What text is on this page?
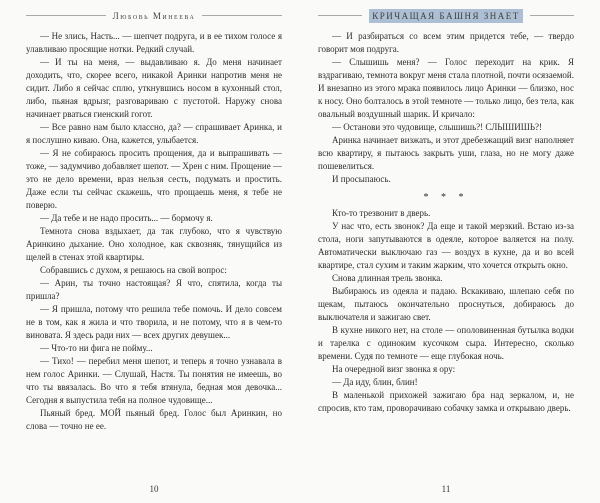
Любовь Минеева

— Не злись, Насть... — шепчет подруга, и в ее тихом голосе я улавливаю просящие нотки. Редкий случай.

— И ты на меня, — выдавливаю я. До меня начинает доходить, что, скорее всего, никакой Аринки напротив меня не сидит. Либо я сейчас сплю, уткнувшись носом в кухонный стол, либо, пьяная вдрызг, разговариваю с пустотой. Наружу снова начинает рваться гиенский гогот.

— Все равно нам было классно, да? — спрашивает Аринка, и я послушно киваю. Она, кажется, улыбается.

— Я не собираюсь просить прощения, да и выпрашивать — тоже, — задумчиво добавляет шепот. — Хрен с ним. Прощение — это не дело времени, враз нельзя сесть, подумать и простить. Даже если ты сейчас скажешь, что прощаешь меня, я тебе не поверю.

— Да тебе и не надо просить... — бормочу я.

Темнота снова вздыхает, да так глубоко, что я чувствую Аринкино дыхание. Оно холодное, как сквозняк, тянущийся из щелей в стенах этой квартиры.

Собравшись с духом, я решаюсь на свой вопрос:

— Арин, ты точно настоящая? Я что, спятила, когда ты пришла?

— Я пришла, потому что решила тебе помочь. И дело совсем не в том, как я жила и что творила, и не потому, что я в чем-то виновата. Я здесь ради них — всех других девушек...

— Что-то ни фига не пойму...

— Тихо! — перебил меня шепот, и теперь я точно узнавала в нем голос Аринки. — Слушай, Настя. Ты понятия не имеешь, во что ты ввязалась. Во что я тебя втянула, бедная моя девочка... Сегодня я выпустила тебя на полное чудовище...

Пьяный бред. МОЙ пьяный бред. Голос был Аринкин, но слова — точно не ее.

10
КРИЧАЩАЯ БАШНЯ ЗНАЕТ

— И разбираться со всем этим придется тебе, — твердо говорит моя подруга.

— Слышишь меня? — Голос переходит на крик. Я вздрагиваю, темнота вокруг меня стала плотной, почти осязаемой. И внезапно из этого мрака появилось лицо Аринки — близко, нос к носу. Оно болталось в этой темноте — только лицо, без тела, как овальный воздушный шарик. И кричало:

— Останови это чудовище, слышишь?! СЛЫШИШЬ?!

Аринка начинает визжать, и этот дребезжащий визг наполняет всю квартиру, я пытаюсь закрыть уши, глаза, но не могу даже пошевелиться.

И просыпаюсь.

* * *

Кто-то трезвонит в дверь.

У нас что, есть звонок? Да еще и такой мерзкий. Встаю из-за стола, ноги запутываются в одеяле, которое валяется на полу. Автоматически выключаю газ — воздух в кухне, да и во всей квартире, стал сухим и таким жарким, что хочется открыть окно.

Снова длинная трель звонка.

Выбираюсь из одеяла и падаю. Вскакиваю, шлепаю себя по щекам, пытаюсь окончательно проснуться, добираюсь до выключателя и зажигаю свет.

В кухне никого нет, на столе — ополовиненная бутылка водки и тарелка с одиноким кусочком сыра. Интересно, сколько времени. Судя по темноте — еще глубокая ночь.

На очередной визг звонка я ору:

— Да иду, блин, блин!

В маленькой прихожей зажигаю бра над зеркалом, и, не спросив, кто там, проворачиваю собачку замка и открываю дверь.

11
